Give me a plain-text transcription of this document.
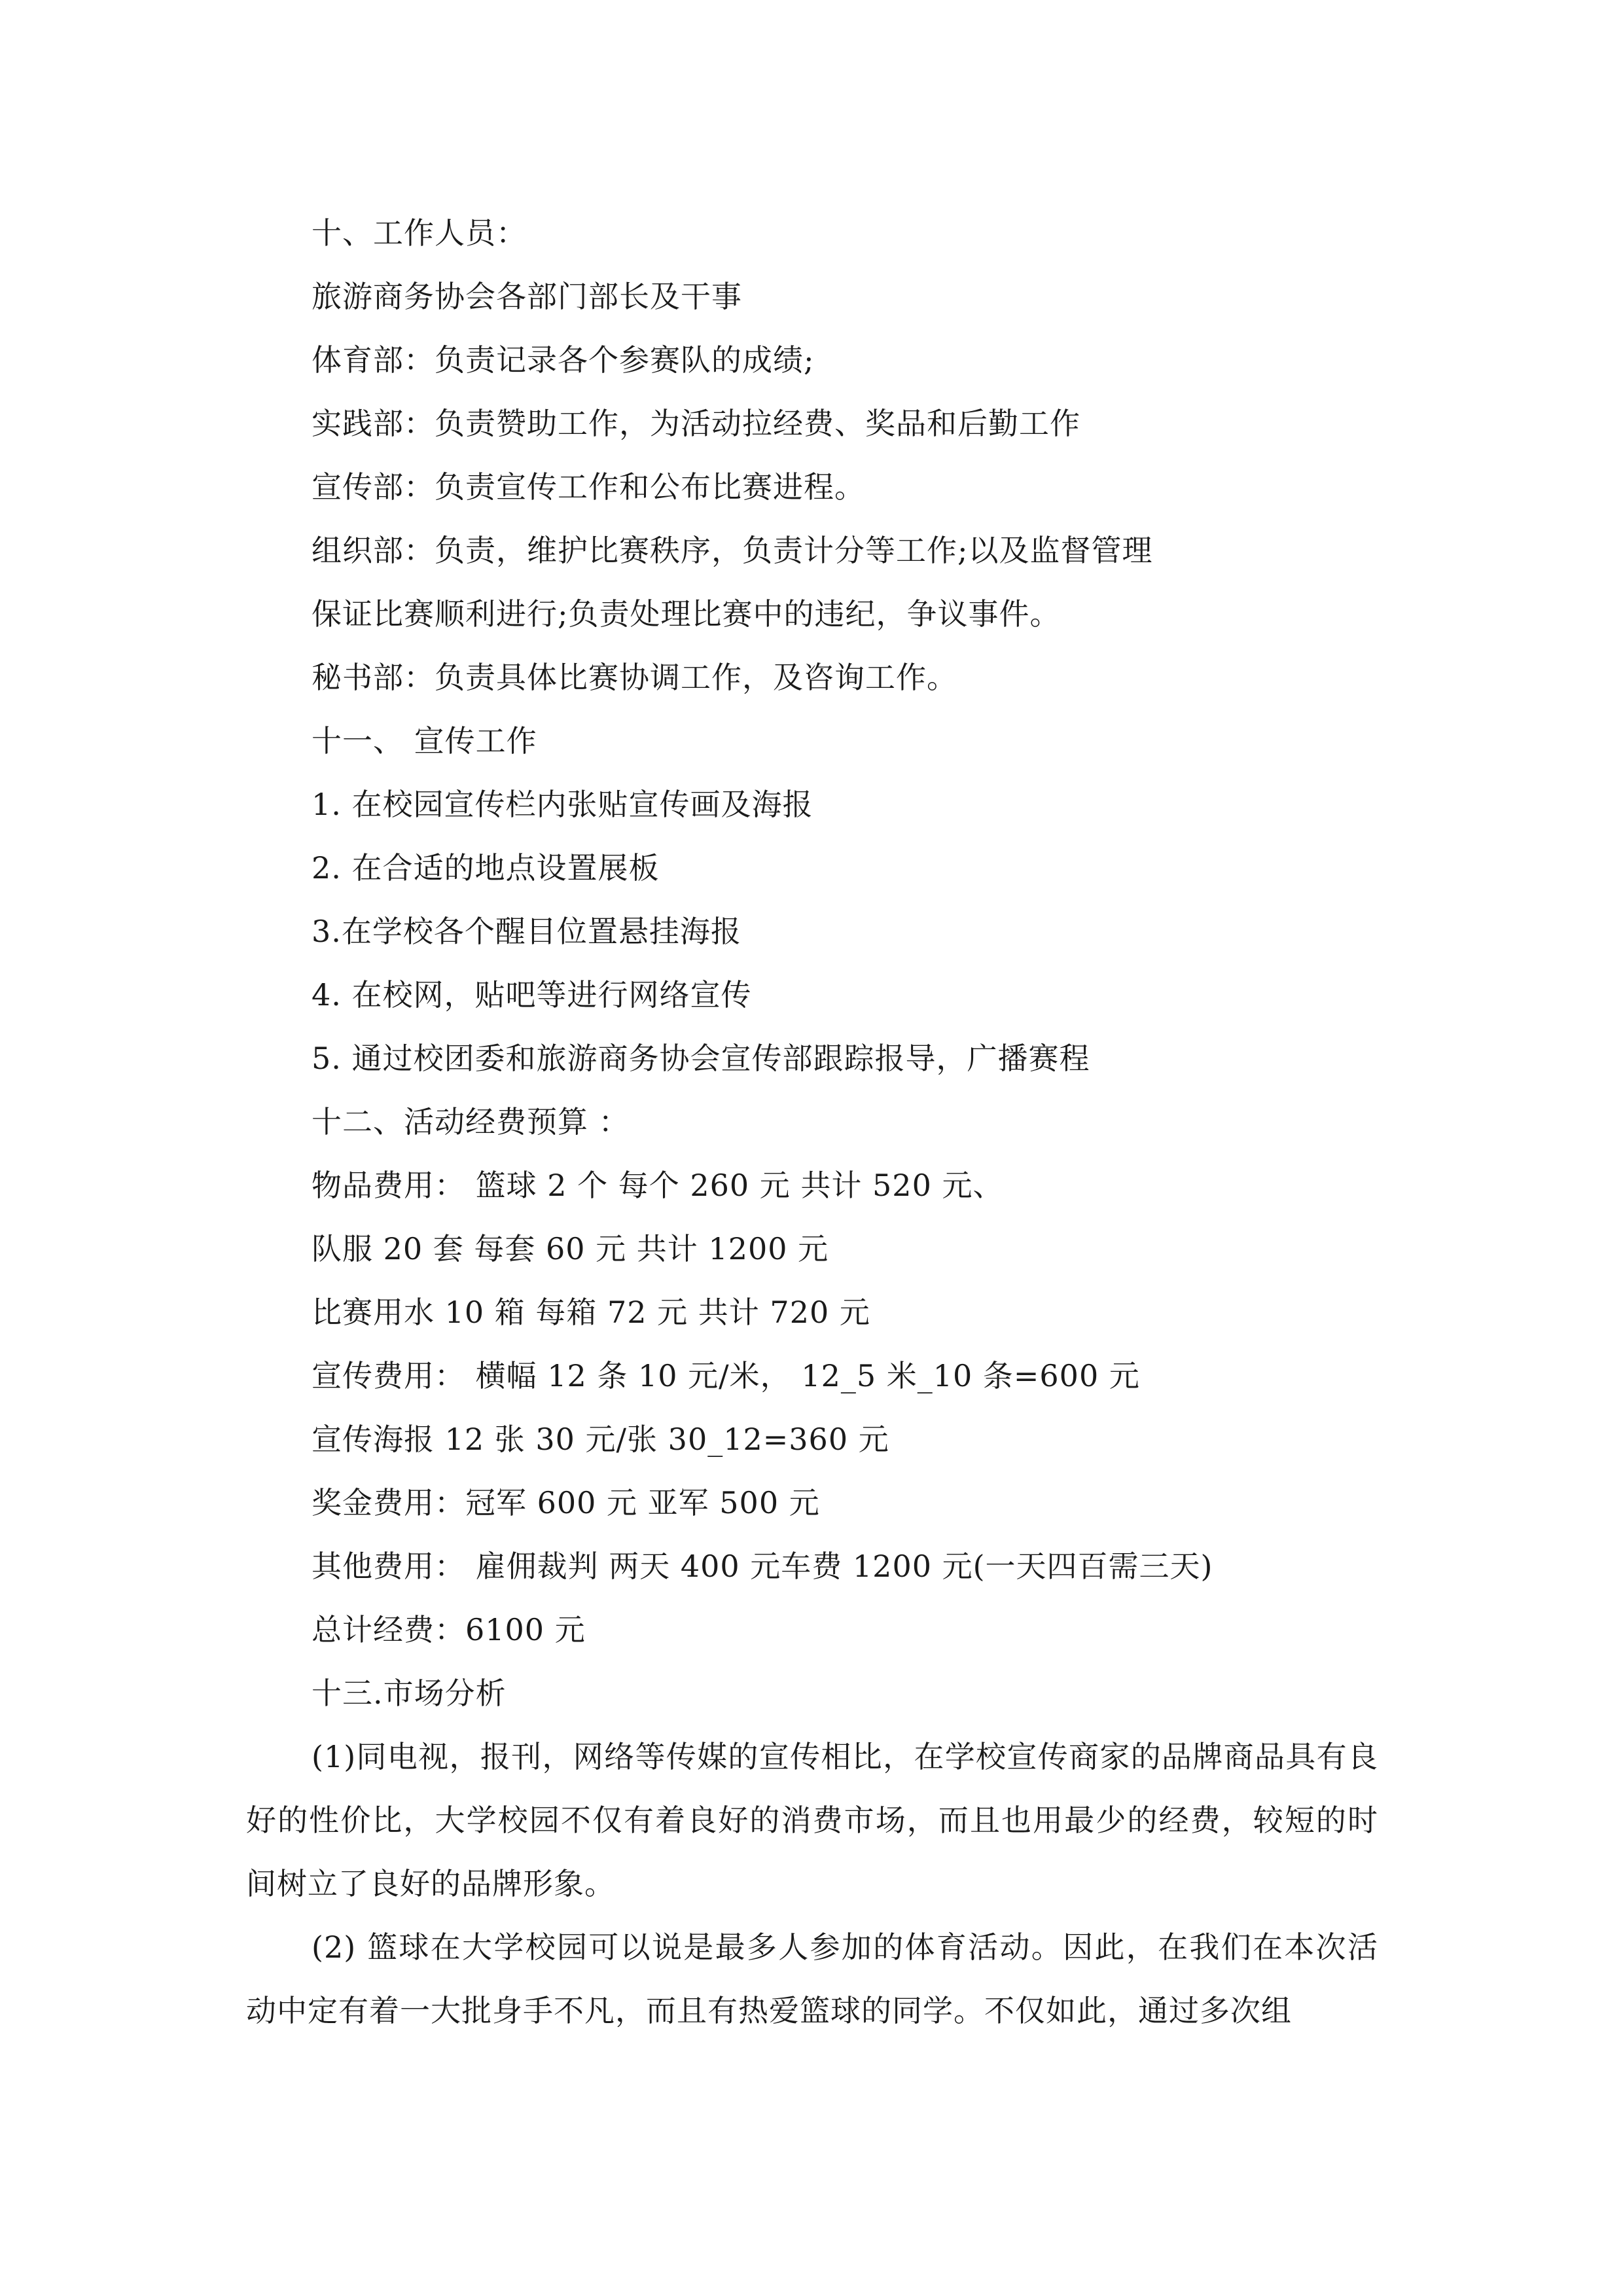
十、工作人员：
旅游商务协会各部门部长及干事
体育部：负责记录各个参赛队的成绩;
实践部：负责赞助工作，为活动拉经费、奖品和后勤工作
宣传部：负责宣传工作和公布比赛进程。
组织部：负责，维护比赛秩序，负责计分等工作;以及监督管理
保证比赛顺利进行;负责处理比赛中的违纪，争议事件。
秘书部：负责具体比赛协调工作，及咨询工作。
十一、 宣传工作
1. 在校园宣传栏内张贴宣传画及海报
2. 在合适的地点设置展板
3.在学校各个醒目位置悬挂海报
4. 在校网，贴吧等进行网络宣传
5. 通过校团委和旅游商务协会宣传部跟踪报导，广播赛程
十二、活动经费预算 ：
物品费用： 篮球 2 个 每个 260 元 共计 520 元、
队服 20 套 每套 60 元 共计 1200 元
比赛用水 10 箱 每箱 72 元 共计 720 元
宣传费用： 横幅 12 条 10 元/米， 12_5 米_10 条=600 元
宣传海报 12 张 30 元/张 30_12=360 元
奖金费用：冠军 600 元 亚军 500 元
其他费用： 雇佣裁判 两天 400 元车费 1200 元(一天四百需三天)
总计经费：6100 元
十三.市场分析

(1)同电视，报刊，网络等传媒的宣传相比，在学校宣传商家的品牌商品具有良好的性价比，大学校园不仅有着良好的消费市场，而且也用最少的经费，较短的时间树立了良好的品牌形象。

(2) 篮球在大学校园可以说是最多人参加的体育活动。因此，在我们在本次活动中定有着一大批身手不凡，而且有热爱篮球的同学。不仅如此，通过多次组
